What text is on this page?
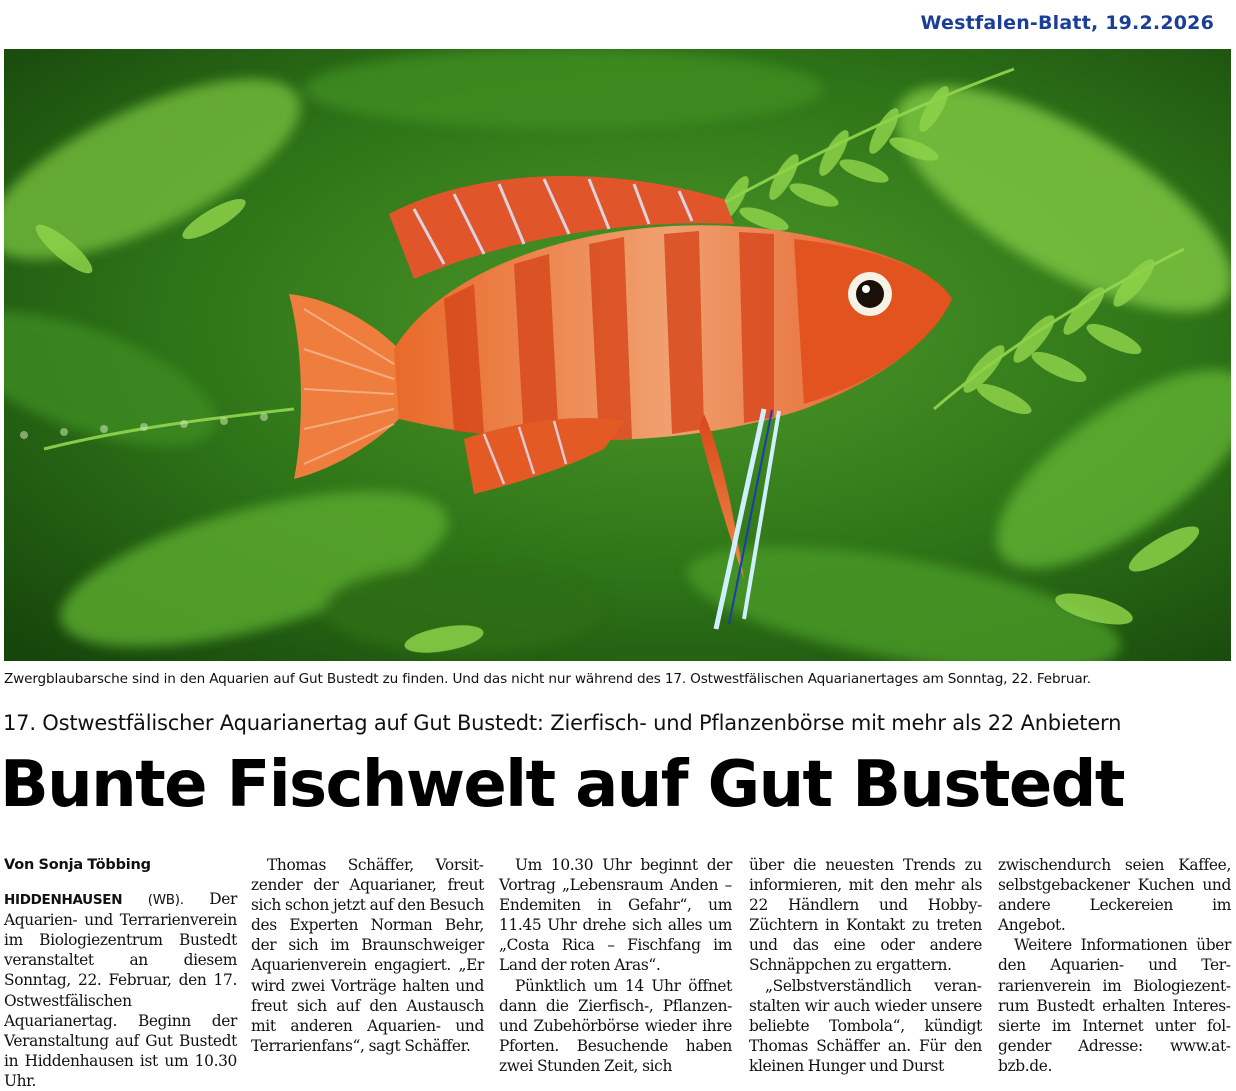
Westfalen-Blatt, 19.2.2026
Zwergblaubarsche sind in den Aquarien auf Gut Bustedt zu finden. Und das nicht nur während des 17. Ostwestfälischen Aquarianertages am Sonntag, 22. Februar.
17. Ostwestfälischer Aquarianertag auf Gut Bustedt: Zierfisch- und Pflanzenbörse mit mehr als 22 Anbietern
Bunte Fischwelt auf Gut Bustedt

Von Sonja Többing

HIDDENHAUSEN (WB). Der Aquarien- und Terrarienverein im Biologiezentrum Bustedt veranstaltet an diesem Sonntag, 22. Februar, den 17. Ostwestfälischen Aquarianertag. Beginn der Veranstaltung auf Gut Bustedt in Hiddenhausen ist um 10.30 Uhr.

Thomas Schäffer, Vorsitzender der Aquarianer, freut sich schon jetzt auf den Besuch des Experten Norman Behr, der sich im Braunschweiger Aquarienverein engagiert. „Er wird zwei Vorträge halten und freut sich auf den Austausch mit anderen Aquarien- und Terrarienfans“, sagt Schäffer.

Um 10.30 Uhr beginnt der Vortrag „Lebensraum Anden – Endemiten in Gefahr“, um 11.45 Uhr drehe sich alles um „Costa Rica – Fischfang im Land der roten Aras“.

Pünktlich um 14 Uhr öffnet dann die Zierfisch-, Pflanzen- und Zubehörbörse wieder ihre Pforten. Besuchende haben zwei Stunden Zeit, sich

über die neuesten Trends zu informieren, mit den mehr als 22 Händlern und Hobby-Züchtern in Kontakt zu treten und das eine oder andere Schnäppchen zu ergattern.

„Selbstverständlich veranstalten wir auch wieder unsere beliebte Tombola“, kündigt Thomas Schäffer an. Für den kleinen Hunger und Durst

zwischendurch seien Kaffee, selbstgebackener Kuchen und andere Leckereien im Angebot.

Weitere Informationen über den Aquarien- und Terrarienverein im Biologiezentrum Bustedt erhalten Interessierte im Internet unter folgender Adresse: www.atbzb.de.
